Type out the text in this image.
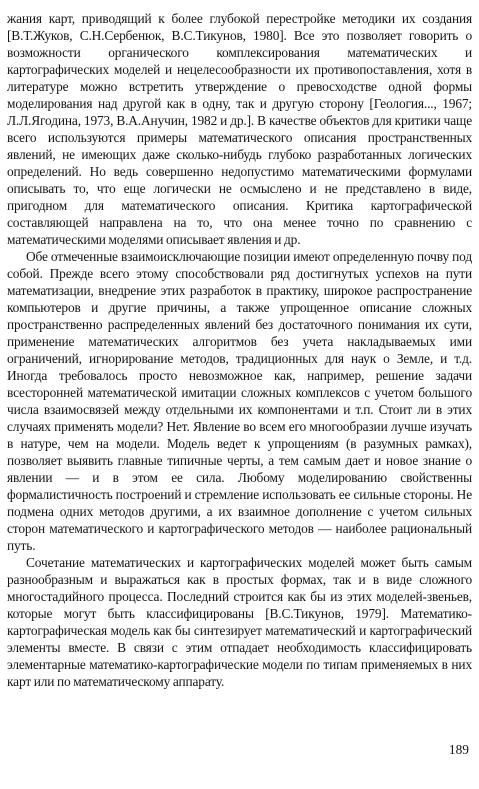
жания карт, приводящий к более глубокой перестройке методики их создания [В.Т.Жуков, С.Н.Сербенюк, В.С.Тикунов, 1980]. Все это позволяет говорить о возможности органического комплексирования математических и картографических моделей и нецелесообразности их противопоставления, хотя в литературе можно встретить утверждение о превосходстве одной формы моделирования над другой как в одну, так и другую сторону [Геология..., 1967; Л.Л.Ягодина, 1973, В.А.Анучин, 1982 и др.]. В качестве объектов для критики чаще всего используются примеры математического описания пространственных явлений, не имеющих даже сколько-нибудь глубоко разработанных логических определений. Но ведь совершенно недопустимо математическими формулами описывать то, что еще логически не осмыслено и не представлено в виде, пригодном для математического описания. Критика картографической составляющей направлена на то, что она менее точно по сравнению с математическими моделями описывает явления и др.

Обе отмеченные взаимоисключающие позиции имеют определенную почву под собой. Прежде всего этому способствовали ряд достигнутых успехов на пути математизации, внедрение этих разработок в практику, широкое распространение компьютеров и другие причины, а также упрощенное описание сложных пространственно распределенных явлений без достаточного понимания их сути, применение математических алгоритмов без учета накладываемых ими ограничений, игнорирование методов, традиционных для наук о Земле, и т.д. Иногда требовалось просто невозможное как, например, решение задачи всесторонней математической имитации сложных комплексов с учетом большого числа взаимосвязей между отдельными их компонентами и т.п. Стоит ли в этих случаях применять модели? Нет. Явление во всем его многообразии лучше изучать в натуре, чем на модели. Модель ведет к упрощениям (в разумных рамках), позволяет выявить главные типичные черты, а тем самым дает и новое знание о явлении — и в этом ее сила. Любому моделированию свойственны формалистичность построений и стремление использовать ее сильные стороны. Не подмена одних методов другими, а их взаимное дополнение с учетом сильных сторон математического и картографического методов — наиболее рациональный путь.

Сочетание математических и картографических моделей может быть самым разнообразным и выражаться как в простых формах, так и в виде сложного многостадийного процесса. Последний строится как бы из этих моделей-звеньев, которые могут быть классифицированы [В.С.Тикунов, 1979]. Математико-картографическая модель как бы синтезирует математический и картографический элементы вместе. В связи с этим отпадает необходимость классифицировать элементарные математико-картографические модели по типам применяемых в них карт или по математическому аппарату.

189
